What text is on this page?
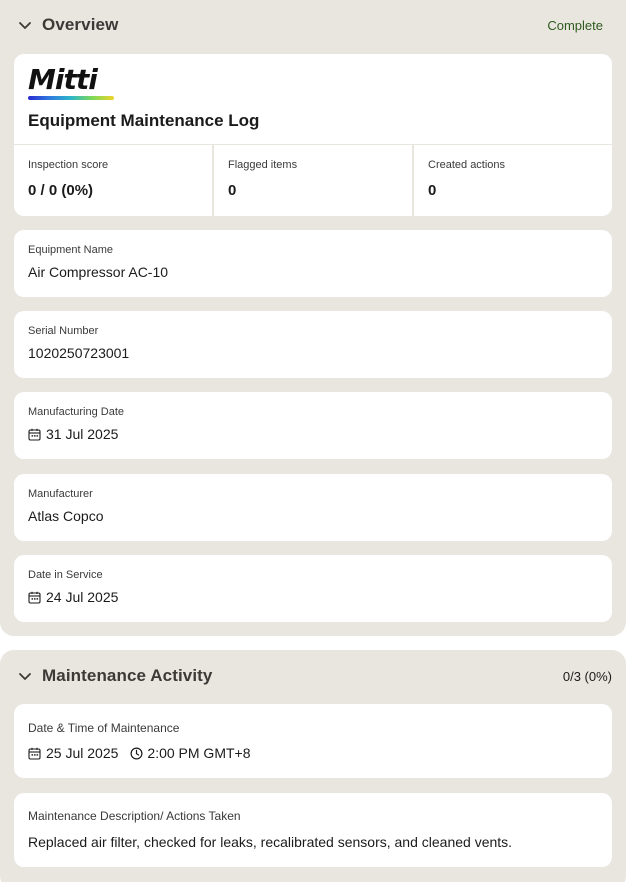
Overview	Complete
Mitti
Equipment Maintenance Log
Inspection score
0 / 0 (0%)
Flagged items
0
Created actions
0
Equipment Name
Air Compressor AC-10
Serial Number
1020250723001
Manufacturing Date
31 Jul 2025
Manufacturer
Atlas Copco
Date in Service
24 Jul 2025
Maintenance Activity	0/3 (0%)
Date & Time of Maintenance
25 Jul 2025 2:00 PM GMT+8
Maintenance Description/ Actions Taken
Replaced air filter, checked for leaks, recalibrated sensors, and cleaned vents.
